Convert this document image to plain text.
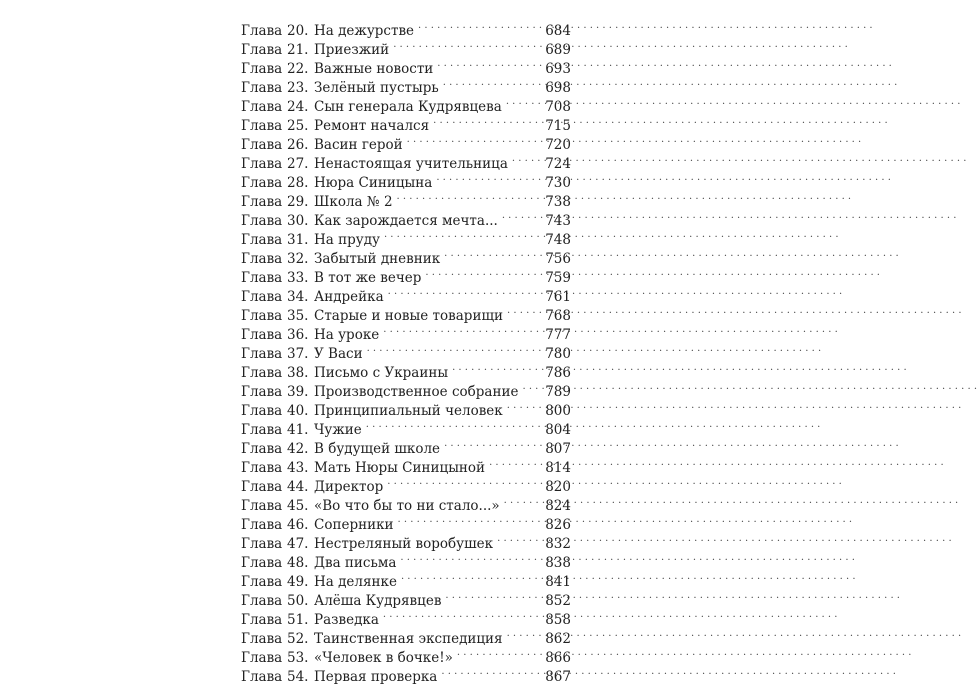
Глава 20. На дежурстве . . .	684
Глава 21. Приезжий . . .	689
Глава 22. Важные новости . . .	693
Глава 23. Зелёный пустырь . . .	698
Глава 24. Сын генерала Кудрявцева . . .	708
Глава 25. Ремонт начался . . .	715
Глава 26. Васин герой . . .	720
Глава 27. Ненастоящая учительница . . .	724
Глава 28. Нюра Синицына . . .	730
Глава 29. Школа № 2 . . .	738
Глава 30. Как зарождается мечта... . . .	743
Глава 31. На пруду . . .	748
Глава 32. Забытый дневник . . .	756
Глава 33. В тот же вечер . . .	759
Глава 34. Андрейка . . .	761
Глава 35. Старые и новые товарищи . . .	768
Глава 36. На уроке . . .	777
Глава 37. У Васи . . .	780
Глава 38. Письмо с Украины . . .	786
Глава 39. Производственное собрание . . . 789
Глава 40. Принципиальный человек . . .	800
Глава 41. Чужие . . .	804
Глава 42. В будущей школе . . .	807
Глава 43. Мать Нюры Синицыной . . .	814
Глава 44. Директор . . .	820
Глава 45. «Во что бы то ни стало...» . . .	824
Глава 46. Соперники . . .	826
Глава 47. Нестреляный воробушек . . .	832
Глава 48. Два письма . . .	838
Глава 49. На делянке . . .	841
Глава 50. Алёша Кудрявцев . . .	852
Глава 51. Разведка . . .	858
Глава 52. Таинственная экспедиция . . .	862
Глава 53. «Человек в бочке!» . . .	866
Глава 54. Первая проверка . . .	867
